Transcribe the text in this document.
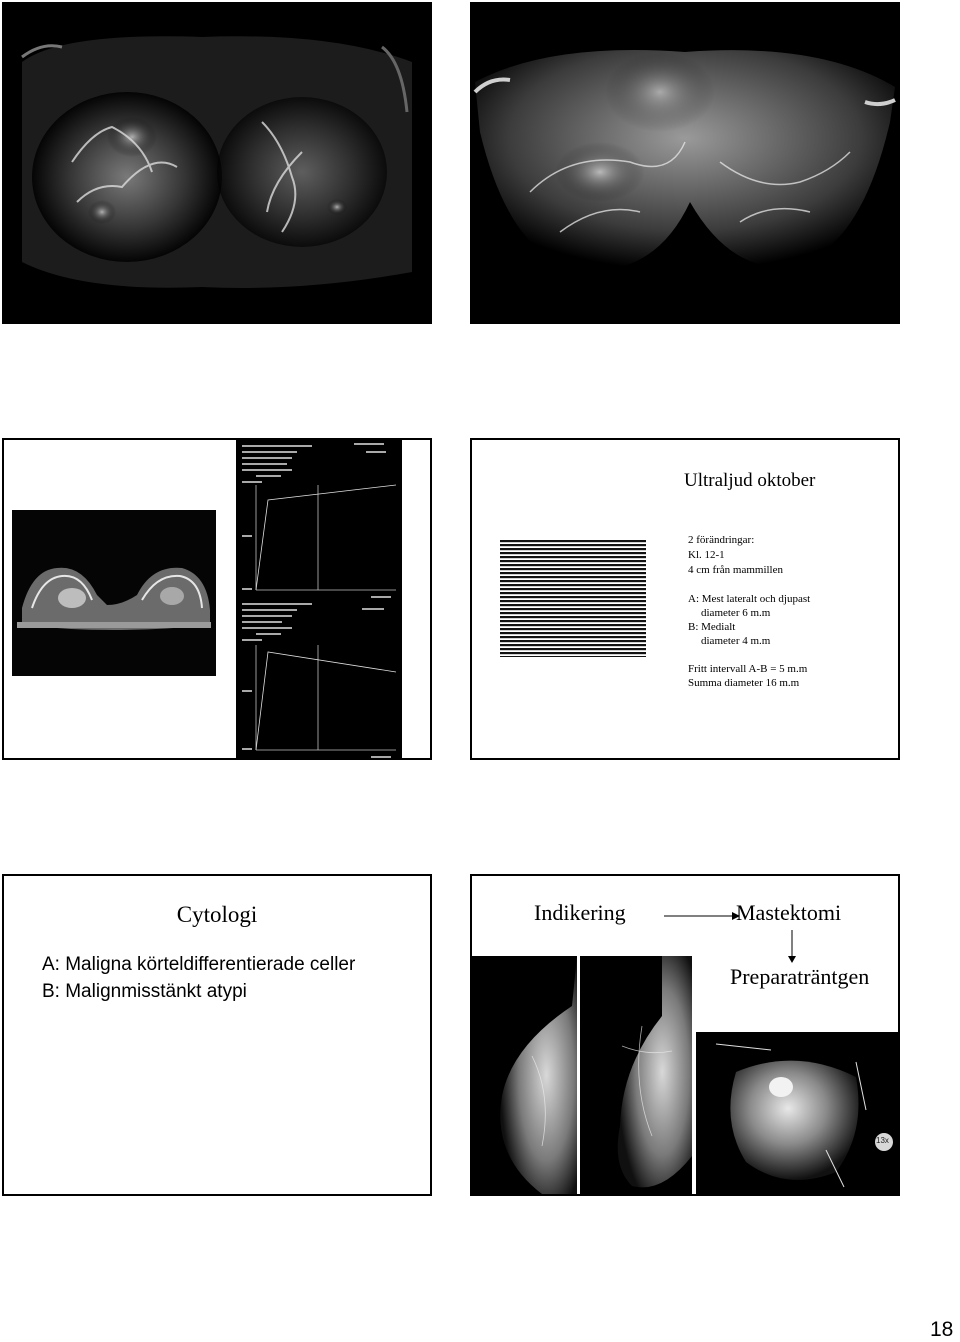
Ultraljud oktober
2 förändringar:
Kl. 12-1
4 cm från mammillen
A: Mest lateralt och djupast
diameter 6 m.m
B: Medialt
diameter 4 m.m
Fritt intervall A-B = 5 m.m
Summa diameter 16 m.m
Cytologi
A: Maligna körteldifferentierade celler
B: Malignmisstänkt atypi
Indikering	Mastektomi
Preparaträntgen
13x
18
